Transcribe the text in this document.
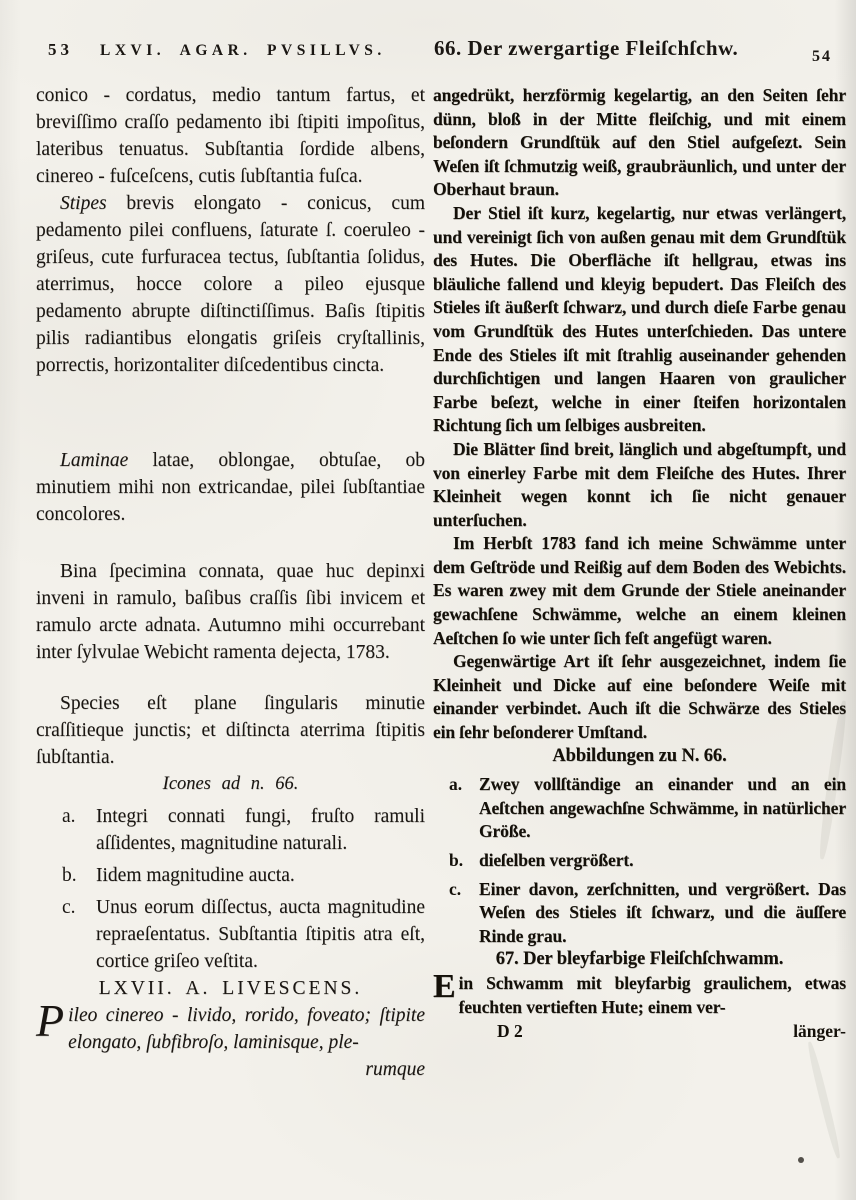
53 LXVI. AGAR. PVSILLVS. 66. Der zwergartige Fleiſchſchw.	54

conico - cordatus, medio tantum fartus, et breviſſimo craſſo pedamento ibi ſtipiti impoſitus, lateribus tenuatus. Subſtantia ſordide albens, cinereo - fuſceſcens, cutis ſubſtantia fuſca.

Stipes brevis elongato - conicus, cum pedamento pilei confluens, ſaturate ſ. coeruleo - griſeus, cute furfuracea tectus, ſubſtantia ſolidus, aterrimus, hocce colore a pileo ejusque pedamento abrupte diſtinctiſſimus. Baſis ſtipitis pilis radiantibus elongatis griſeis cryſtallinis, porrectis, horizontaliter diſcedentibus cincta.

Laminae latae, oblongae, obtuſae, ob minutiem mihi non extricandae, pilei ſubſtantiae concolores.

Bina ſpecimina connata, quae huc depinxi inveni in ramulo, baſibus craſſis ſibi invicem et ramulo arcte adnata. Autumno mihi occurrebant inter ſylvulae Webicht ramenta dejecta, 1783.

Species eſt plane ſingularis minutie craſſitieque junctis; et diſtincta aterrima ſtipitis ſubſtantia.

Icones ad n. 66.

a.	Integri connati fungi, fruſto ramuli aſſidentes, magnitudine naturali.

b. Iidem magnitudine aucta.

c.	Unus eorum diſſectus, aucta magnitudine repraeſentatus. Subſtantia ſtipitis atra eſt, cortice griſeo veſtita.

LXVII. A. LIVESCENS.

Pileo cinereo - livido, rorido, foveato; ſtipite elongato, ſubfibroſo, laminisque, ple-

rumque

angedrükt, herzförmig kegelartig, an den Seiten ſehr dünn, bloß in der Mitte fleiſchig, und mit einem beſondern Grundſtük auf den Stiel aufgeſezt. Sein Weſen iſt ſchmutzig weiß, graubräunlich, und unter der Oberhaut braun.

Der Stiel iſt kurz, kegelartig, nur etwas verlängert, und vereinigt ſich von außen genau mit dem Grundſtük des Hutes. Die Oberfläche iſt hellgrau, etwas ins bläuliche fallend und kleyig bepudert. Das Fleiſch des Stieles iſt äußerſt ſchwarz, und durch dieſe Farbe genau vom Grundſtük des Hutes unterſchieden. Das untere Ende des Stieles iſt mit ſtrahlig auseinander gehenden durchſichtigen und langen Haaren von graulicher Farbe beſezt, welche in einer ſteifen horizontalen Richtung ſich um ſelbiges ausbreiten.

Die Blätter ſind breit, länglich und abgeſtumpft, und von einerley Farbe mit dem Fleiſche des Hutes. Ihrer Kleinheit wegen konnt ich ſie nicht genauer unterſuchen.

Im Herbſt 1783 fand ich meine Schwämme unter dem Geſtröde und Reißig auf dem Boden des Webichts. Es waren zwey mit dem Grunde der Stiele aneinander gewachſene Schwämme, welche an einem kleinen Aeſtchen ſo wie unter ſich feſt angefügt waren.

Gegenwärtige Art iſt ſehr ausgezeichnet, indem ſie Kleinheit und Dicke auf eine beſondere Weiſe mit einander verbindet. Auch iſt die Schwärze des Stieles ein ſehr beſonderer Umſtand.

Abbildungen zu N. 66.

a. Zwey vollſtändige an einander und an ein Aeſtchen angewachſne Schwämme, in natürlicher Größe.

b. dieſelben vergrößert.

c.	Einer davon, zerſchnitten, und vergrößert. Das Weſen des Stieles iſt ſchwarz, und die äuſſere Rinde grau.

67. Der bleyfarbige Fleiſchſchwamm.

Ein Schwamm mit bleyfarbig graulichem, etwas feuchten vertieften Hute; einem ver-

D 2	länger-
